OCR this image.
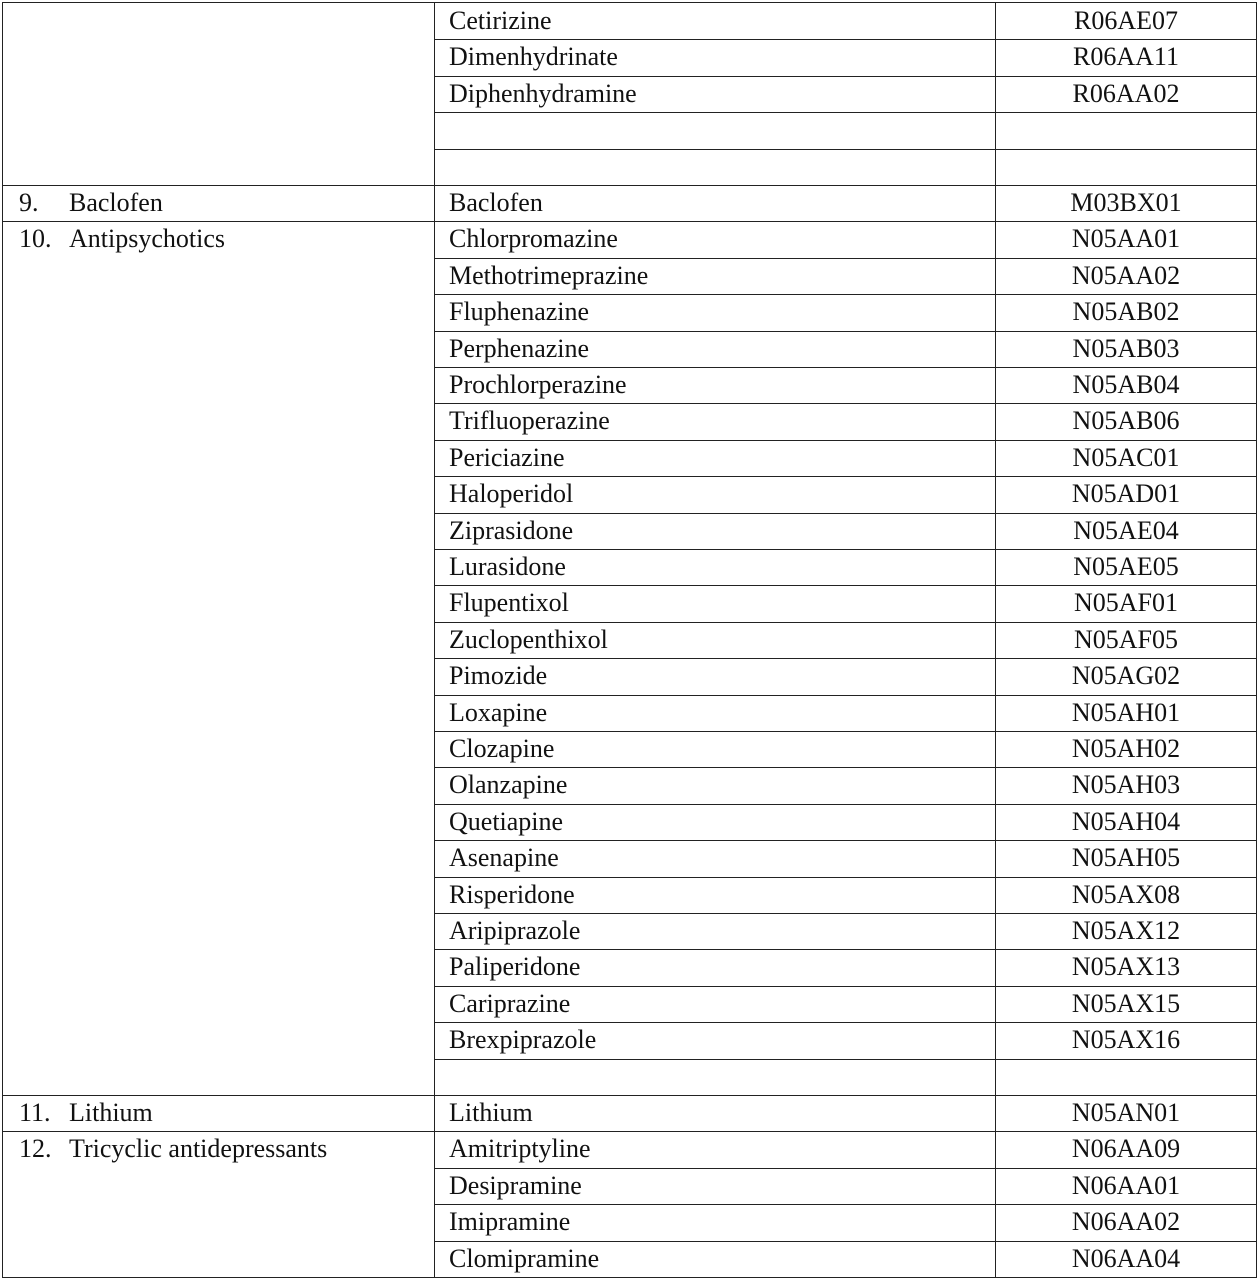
Cetirizine	R06AE07
Dimenhydrinate	R06AA11
Diphenhydramine	R06AA02
9. Baclofen	Baclofen	M03BX01
10. Antipsychotics	Chlorpromazine	N05AA01
Methotrimeprazine	N05AA02
Fluphenazine	N05AB02
Perphenazine	N05AB03
Prochlorperazine	N05AB04
Trifluoperazine	N05AB06
Periciazine	N05AC01
Haloperidol	N05AD01
Ziprasidone	N05AE04
Lurasidone	N05AE05
Flupentixol	N05AF01
Zuclopenthixol	N05AF05
Pimozide	N05AG02
Loxapine	N05AH01
Clozapine	N05AH02
Olanzapine	N05AH03
Quetiapine	N05AH04
Asenapine	N05AH05
Risperidone	N05AX08
Aripiprazole	N05AX12
Paliperidone	N05AX13
Cariprazine	N05AX15
Brexpiprazole	N05AX16
11. Lithium	Lithium	N05AN01
12. Tricyclic antidepressants	Amitriptyline	N06AA09
Desipramine	N06AA01
Imipramine	N06AA02
Clomipramine	N06AA04
